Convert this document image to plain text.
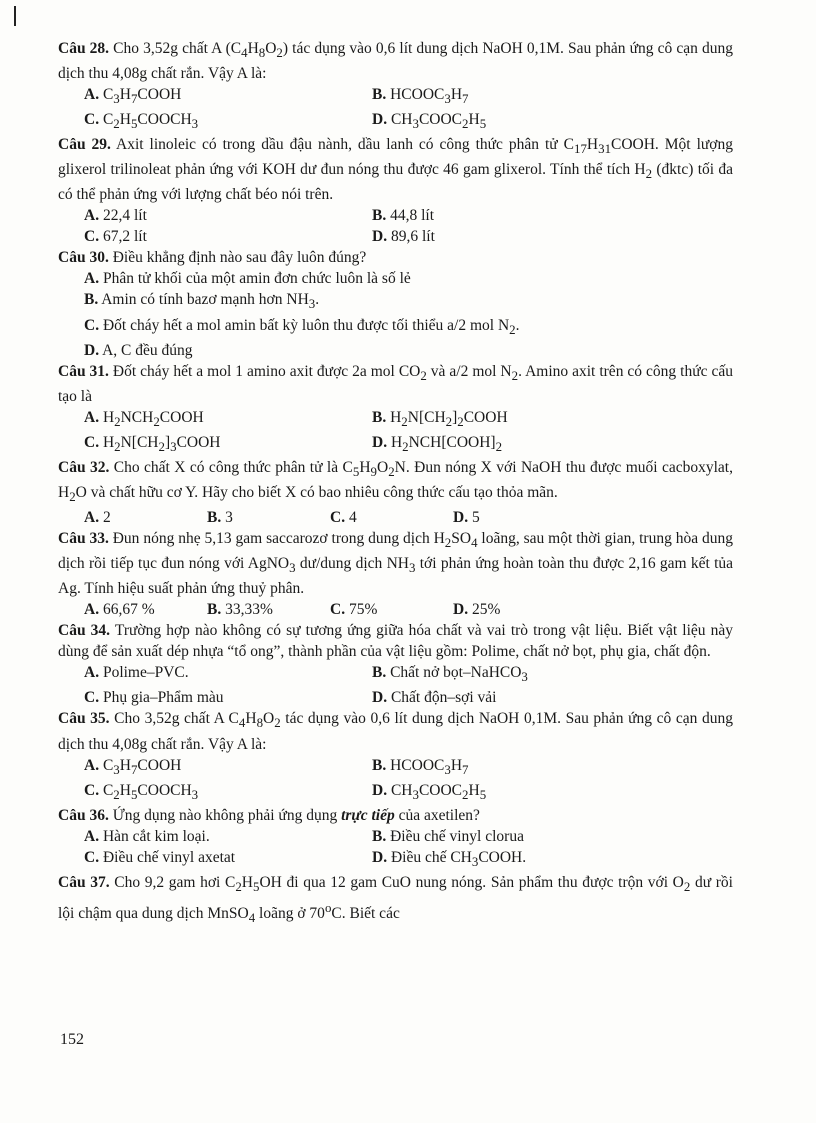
Câu 28. Cho 3,52g chất A $(C_4H_8O_2)$ tác dụng vào 0,6 lít dung dịch NaOH 0,1M. Sau phản ứng cô cạn dung dịch thu 4,08g chất rắn. Vậy A là:
A. $C_3H_7COOH$	B. $HCOOC_3H_7$
C. $C_2H_5COOCH_3$	D. $CH_3COOC_2H_5$
Câu 29. Axit linoleic có trong dầu đậu nành, dầu lanh có công thức phân tử $C_{17}H_{31}COOH$. Một lượng glixerol trilinoleat phản ứng với KOH dư đun nóng thu được 46 gam glixerol. Tính thể tích $H_2$ (đktc) tối đa có thể phản ứng với lượng chất béo nói trên.
A. 22,4 lít	B. 44,8 lít
C. 67,2 lít	D. 89,6 lít
Câu 30. Điều khẳng định nào sau đây luôn đúng?
A. Phân tử khối của một amin đơn chức luôn là số lẻ
B. Amin có tính bazơ mạnh hơn $NH_3$.
C. Đốt cháy hết a mol amin bất kỳ luôn thu được tối thiểu a/2 mol $N_2$.
D. A, C đều đúng
Câu 31. Đốt cháy hết a mol 1 amino axit được 2a mol $CO_2$ và a/2 mol $N_2$. Amino axit trên có công thức cấu tạo là
A. $H_2NCH_2COOH$	B. $H_2N[CH_2]_2COOH$
C. $H_2N[CH_2]_3COOH$	D. $H_2NCH[COOH]_2$
Câu 32. Cho chất X có công thức phân tử là $C_5H_9O_2N$. Đun nóng X với NaOH thu được muối cacboxylat, $H_2O$ và chất hữu cơ Y. Hãy cho biết X có bao nhiêu công thức cấu tạo thỏa mãn.
A. 2	B. 3	C. 4	D. 5
Câu 33. Đun nóng nhẹ 5,13 gam saccarozơ trong dung dịch $H_2SO_4$ loãng, sau một thời gian, trung hòa dung dịch rồi tiếp tục đun nóng với AgNO$_3$ dư/dung dịch $NH_3$ tới phản ứng hoàn toàn thu được 2,16 gam kết tủa Ag. Tính hiệu suất phản ứng thuỷ phân.
A. 66,67 %	B. 33,33%	C. 75%	D. 25%
Câu 34. Trường hợp nào không có sự tương ứng giữa hóa chất và vai trò trong vật liệu. Biết vật liệu này dùng để sản xuất dép nhựa “tổ ong”, thành phần của vật liệu gồm: Polime, chất nở bọt, phụ gia, chất độn.
A. Polime–PVC.	B. Chất nở bọt–NaHCO$_3$
C. Phụ gia–Phẩm màu	D. Chất độn–sợi vải
Câu 35. Cho 3,52g chất A $C_4H_8O_2$ tác dụng vào 0,6 lít dung dịch NaOH 0,1M. Sau phản ứng cô cạn dung dịch thu 4,08g chất rắn. Vậy A là:
A. $C_3H_7COOH$	B. $HCOOC_3H_7$
C. $C_2H_5COOCH_3$	D. $CH_3COOC_2H_5$
Câu 36. Ứng dụng nào không phải ứng dụng trực tiếp của axetilen?
A. Hàn cắt kim loại.	B. Điều chế vinyl clorua
C. Điều chế vinyl axetat	D. Điều chế $CH_3COOH$.
Câu 37. Cho 9,2 gam hơi $C_2H_5OH$ đi qua 12 gam CuO nung nóng. Sản phẩm thu được trộn với $O_2$ dư rồi lội chậm qua dung dịch MnSO$_4$ loãng ở 70$^o$C. Biết các
152
